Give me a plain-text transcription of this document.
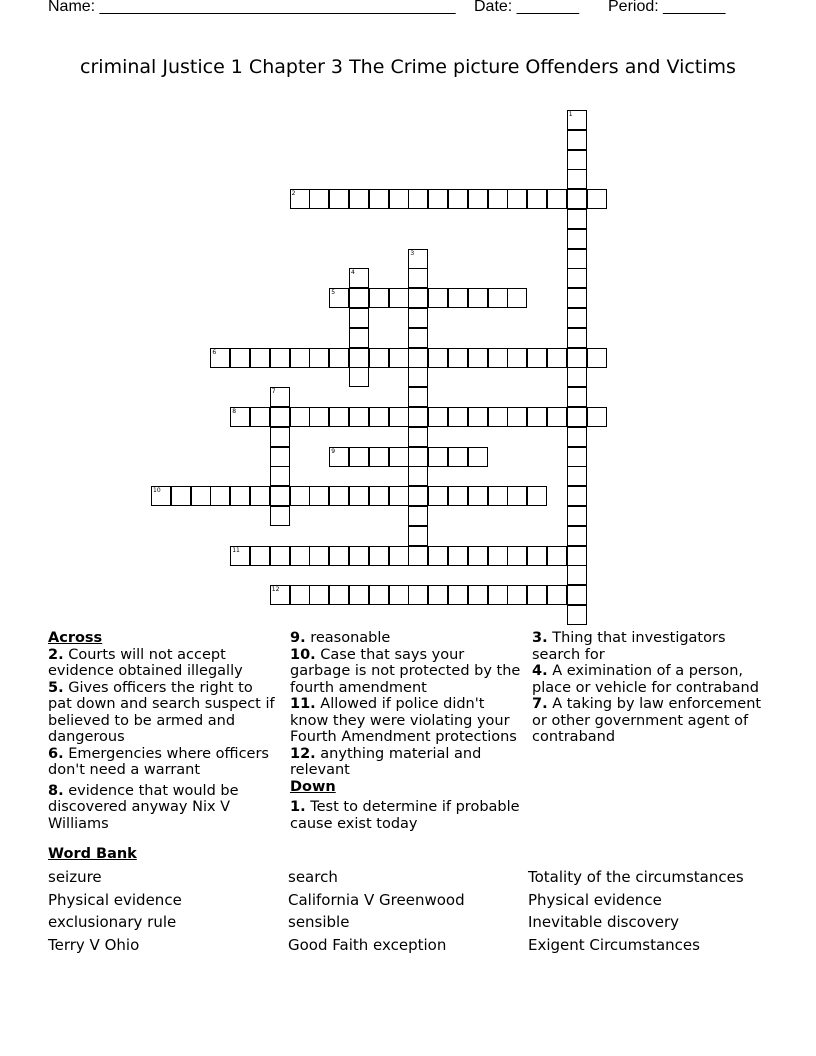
Name: ________________________________________ Date: _______ Period: _______
criminal Justice 1 Chapter 3 The Crime picture Offenders and Victims
1
2
3
4
5
6
7
8
9
10
11
12
Across
2. Courts will not accept evidence obtained illegally
5. Gives officers the right to pat down and search suspect if believed to be armed and dangerous
6. Emergencies where officers don't need a warrant
8. evidence that would be discovered anyway Nix V Williams
9. reasonable
10. Case that says your garbage is not protected by the fourth amendment
11. Allowed if police didn't know they were violating your Fourth Amendment protections
12. anything material and relevant
Down
1. Test to determine if probable cause exist today
3. Thing that investigators search for
4. A eximination of a person, place or vehicle for contraband
7. A taking by law enforcement or other government agent of contraband
Word Bank
seizure
Physical evidence
exclusionary rule
Terry V Ohio
search
California V Greenwood
sensible
Good Faith exception
Totality of the circumstances
Physical evidence
Inevitable discovery
Exigent Circumstances
